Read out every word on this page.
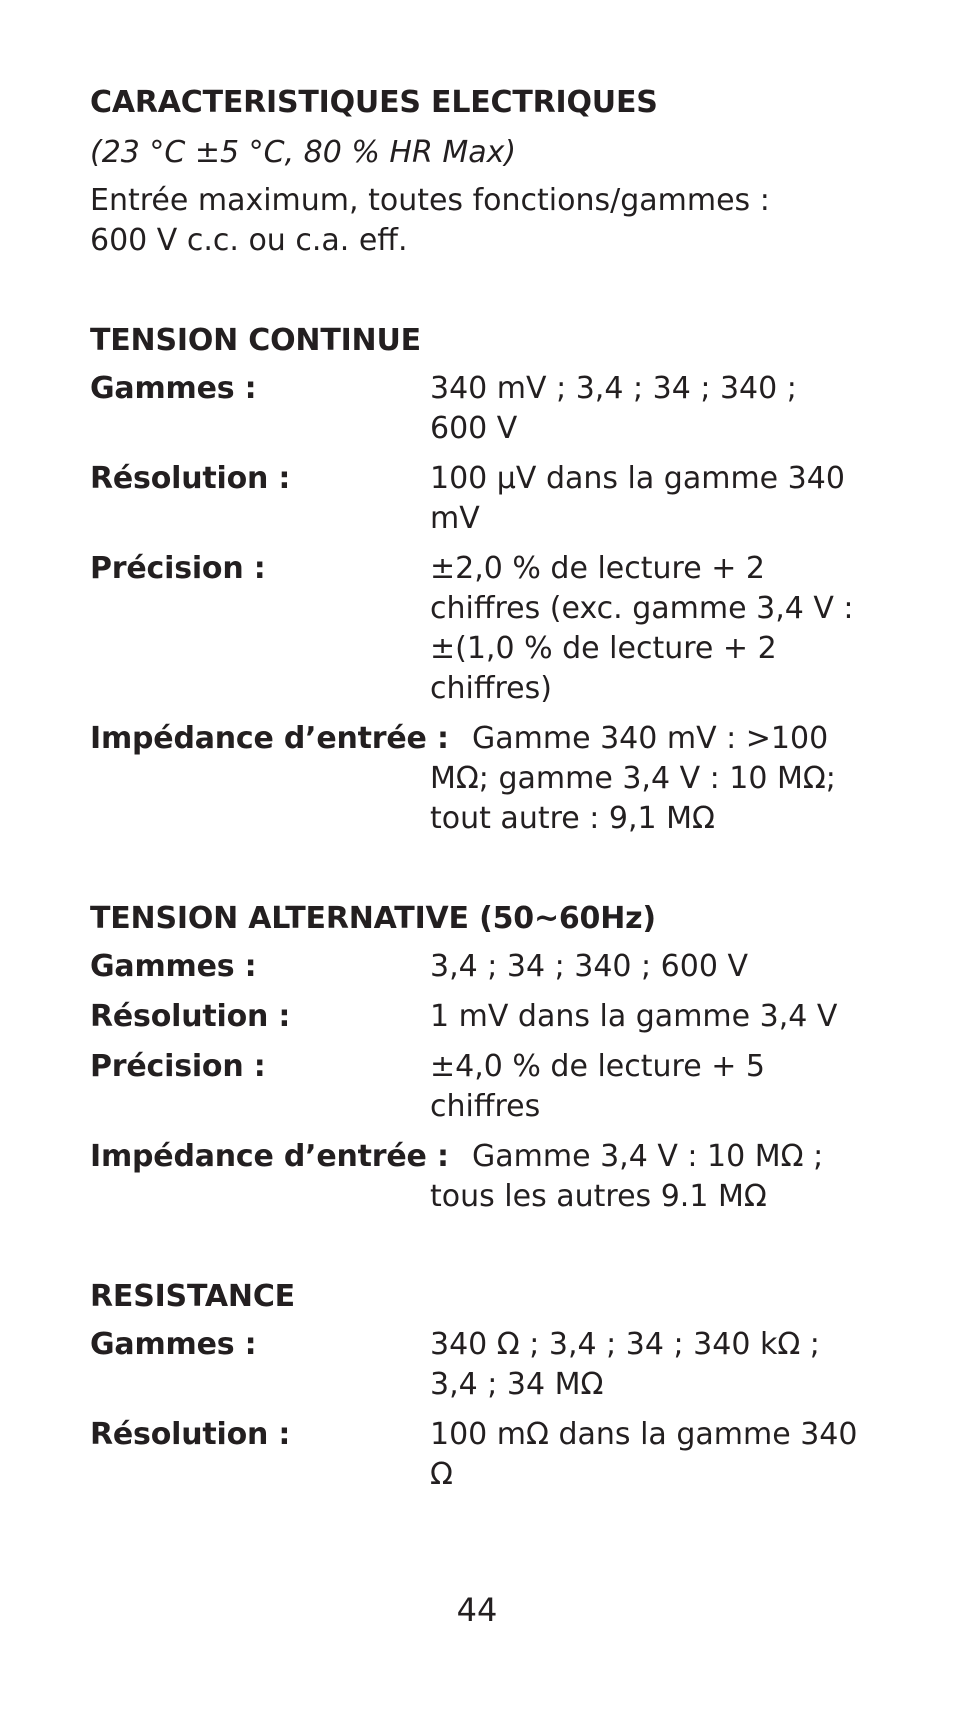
CARACTERISTIQUES ELECTRIQUES
(23 °C ±5 °C, 80 % HR Max)
Entrée maximum, toutes fonctions/gammes :
600 V c.c. ou c.a. eff.
TENSION CONTINUE
Gammes :	340 mV ; 3,4 ; 34 ; 340 ; 600 V
Résolution :	100 µV dans la gamme 340 mV
Précision :	±2,0 % de lecture + 2 chiffres (exc. gamme 3,4 V : ±(1,0 % de lecture + 2 chiffres)
Impédance d’entrée : Gamme 340 mV : >100 MΩ; gamme 3,4 V : 10 MΩ; tout autre : 9,1 MΩ
TENSION ALTERNATIVE (50~60Hz)
Gammes :	3,4 ; 34 ; 340 ; 600 V
Résolution :	1 mV dans la gamme 3,4 V
Précision :	±4,0 % de lecture + 5 chiffres
Impédance d’entrée : Gamme 3,4 V : 10 MΩ ; tous les autres 9.1 MΩ
RESISTANCE
Gammes :	340 Ω ; 3,4 ; 34 ; 340 kΩ ; 3,4 ; 34 MΩ
Résolution :	100 mΩ dans la gamme 340 Ω
44
